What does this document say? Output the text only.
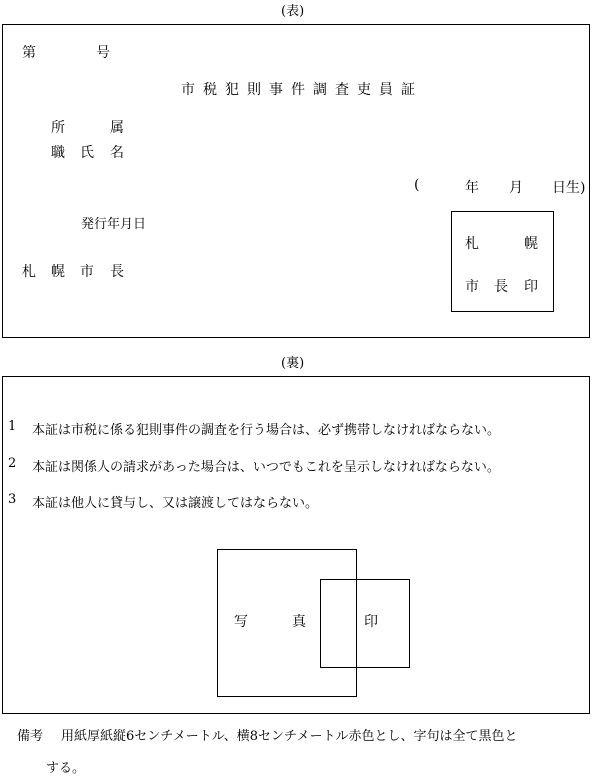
(表)
第	号
市 税 犯 則 事 件 調 査 吏 員 証
所	属
職 氏 名
(	年 月 日生)
発行年月日
札 幌 市 長
札	幌
市 長 印
(裏)
1 本証は市税に係る犯則事件の調査を行う場合は、必ず携帯しなければならない。
2 本証は関係人の請求があった場合は、いつでもこれを呈示しなければならない。
3 本証は他人に貸与し、又は譲渡してはならない。
写	真	印
備考 用紙厚紙縦6センチメートル、横8センチメートル赤色とし、字句は全て黒色と
する。
